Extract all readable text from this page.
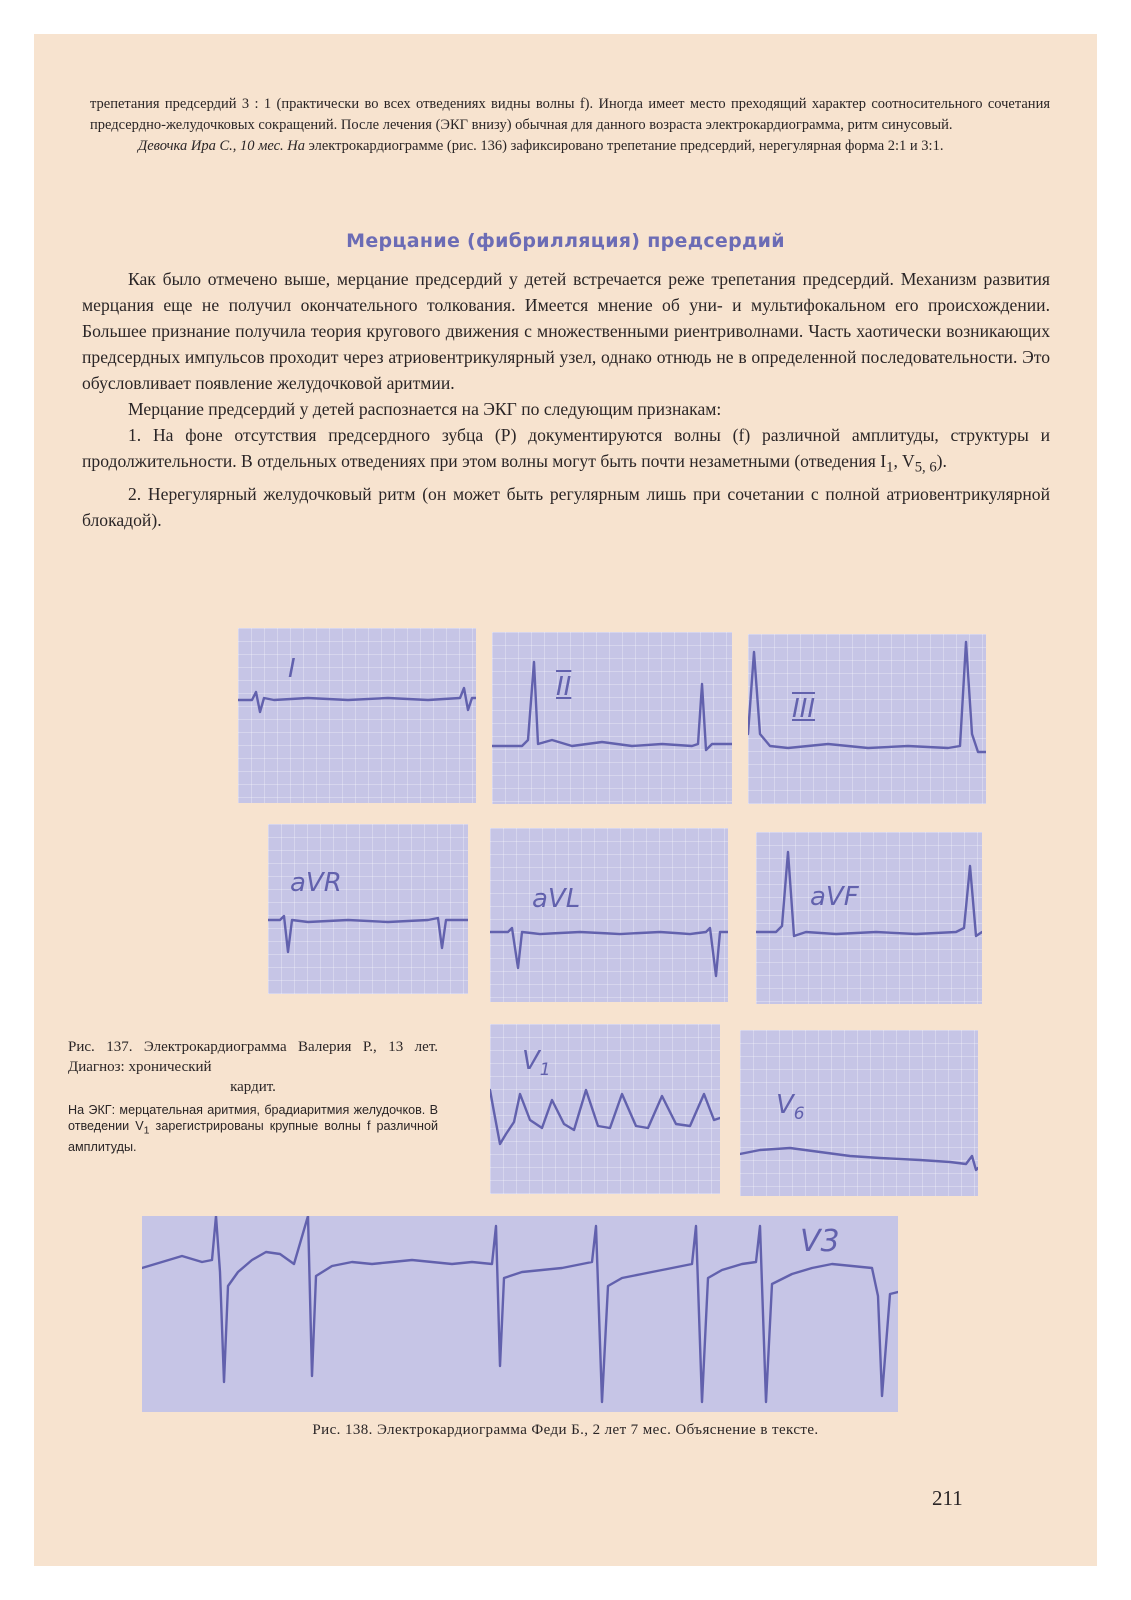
трепетания предсердий 3 : 1 (практически во всех отведениях видны волны f). Иногда имеет место преходящий характер соотносительного сочетания предсердно-желудочковых сокращений. После лечения (ЭКГ внизу) обычная для данного возраста электрокардиограмма, ритм синусовый.

Девочка Ира С., 10 мес. На электрокардиограмме (рис. 136) зафиксировано трепетание предсердий, нерегулярная форма 2:1 и 3:1.

Мерцание (фибрилляция) предсердий

Как было отмечено выше, мерцание предсердий у детей встречается реже трепетания предсердий. Механизм развития мерцания еще не получил окончательного толкования. Имеется мнение об уни- и мультифокальном его происхождении. Большее признание получила теория кругового движения с множественными риентриволнами. Часть хаотически возникающих предсердных импульсов проходит через атриовентрикулярный узел, однако отнюдь не в определенной последовательности. Это обусловливает появление желудочковой аритмии.

Мерцание предсердий у детей распознается на ЭКГ по следующим признакам:

1. На фоне отсутствия предсердного зубца (Р) документируются волны (f) различной амплитуды, структуры и продолжительности. В отдельных отведениях при этом волны могут быть почти незаметными (отведения $I_1$, $V_{5, 6}$).

2. Нерегулярный желудочковый ритм (он может быть регулярным лишь при сочетании с полной атриовентрикулярной блокадой).

I
II
III
aVR
aVL	aVF
Рис. 137. Электрокардиограмма Валерия Р., 13 лет. Диагноз: хронический
кардит.
На ЭКГ: мерцательная аритмия, брадиаритмия желудочков. В отведении $V_1$ зарегистрированы крупные волны f различной амплитуды.
$V_1$
$V_6$
V3
Рис. 138. Электрокардиограмма Феди Б., 2 лет 7 мес. Объяснение в тексте.
211
